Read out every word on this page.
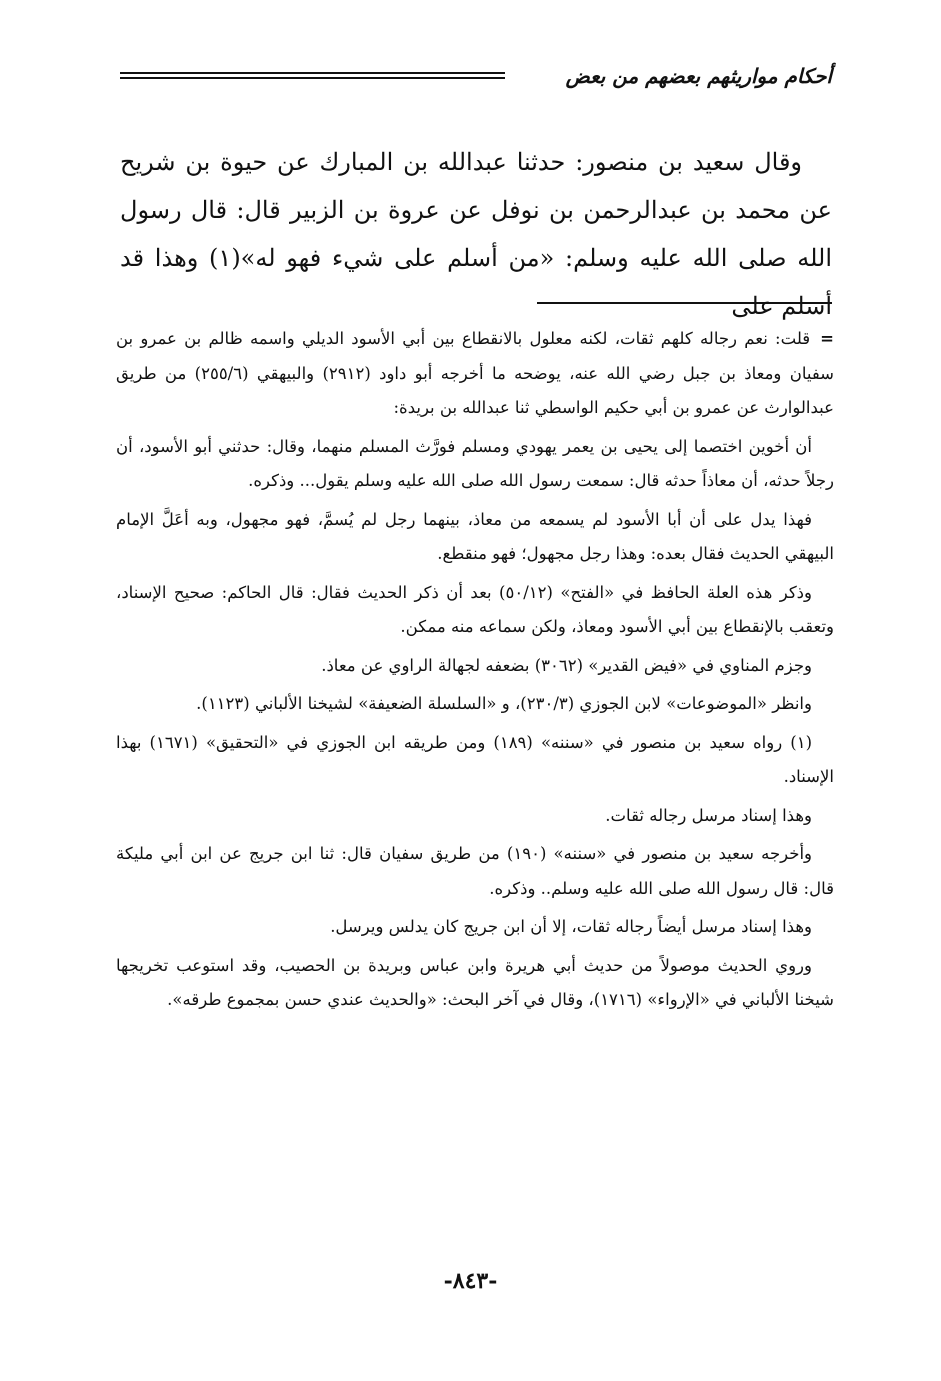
أحكام مواريثهم بعضهم من بعض

وقال سعيد بن منصور: حدثنا عبدالله بن المبارك عن حيوة بن شريح عن محمد بن عبدالرحمن بن نوفل عن عروة بن الزبير قال: قال رسول الله صلى الله عليه وسلم: «من أسلم على شيء فهو له»(١) وهذا قد أسلم على

=قلت: نعم رجاله كلهم ثقات، لكنه معلول بالانقطاع بين أبي الأسود الديلي واسمه ظالم بن عمرو بن سفيان ومعاذ بن جبل رضي الله عنه، يوضحه ما أخرجه أبو داود (٢٩١٢) والبيهقي (٢٥٥/٦) من طريق عبدالوارث عن عمرو بن أبي حكيم الواسطي ثنا عبدالله بن بريدة:

أن أخوين اختصما إلى يحيى بن يعمر يهودي ومسلم فورَّث المسلم منهما، وقال: حدثني أبو الأسود، أن رجلاً حدثه، أن معاذاً حدثه قال: سمعت رسول الله صلى الله عليه وسلم يقول... وذكره.

فهذا يدل على أن أبا الأسود لم يسمعه من معاذ، بينهما رجل لم يُسمَّ، فهو مجهول، وبه أعَلَّ الإمام البيهقي الحديث فقال بعده: وهذا رجل مجهول؛ فهو منقطع.

وذكر هذه العلة الحافظ في «الفتح» (٥٠/١٢) بعد أن ذكر الحديث فقال: قال الحاكم: صحيح الإسناد، وتعقب بالإنقطاع بين أبي الأسود ومعاذ، ولكن سماعه منه ممكن.

وجزم المناوي في «فيض القدير» (٣٠٦٢) بضعفه لجهالة الراوي عن معاذ.

وانظر «الموضوعات» لابن الجوزي (٢٣٠/٣)، و «السلسلة الضعيفة» لشيخنا الألباني (١١٢٣).

(١) رواه سعيد بن منصور في «سننه» (١٨٩) ومن طريقه ابن الجوزي في «التحقيق» (١٦٧١) بهذا الإسناد.

وهذا إسناد مرسل رجاله ثقات.

وأخرجه سعيد بن منصور في «سننه» (١٩٠) من طريق سفيان قال: ثنا ابن جريج عن ابن أبي مليكة قال: قال رسول الله صلى الله عليه وسلم.. وذكره.

وهذا إسناد مرسل أيضاً رجاله ثقات، إلا أن ابن جريج كان يدلس ويرسل.

وروي الحديث موصولاً من حديث أبي هريرة وابن عباس وبريدة بن الحصيب، وقد استوعب تخريجها شيخنا الألباني في «الإرواء» (١٧١٦)، وقال في آخر البحث: «والحديث عندي حسن بمجموع طرقه».

-٨٤٣-
